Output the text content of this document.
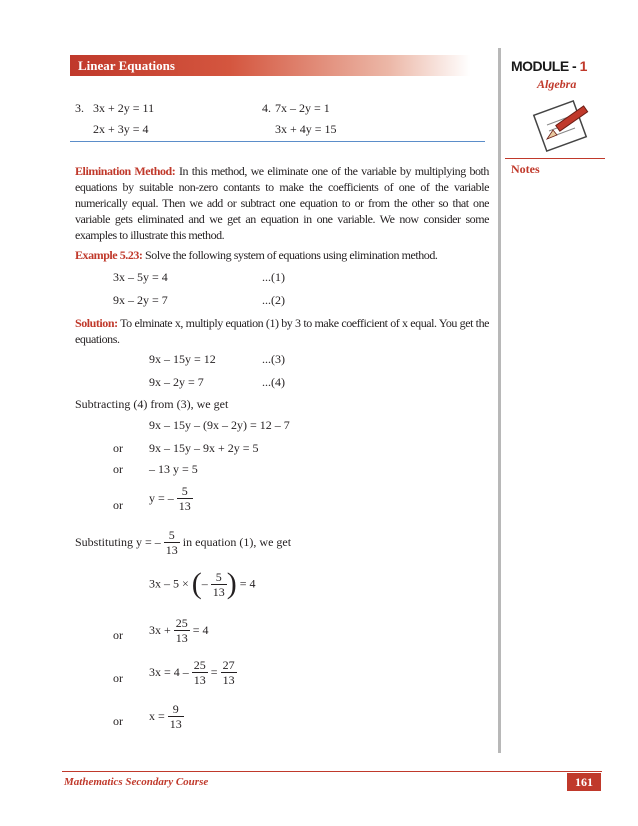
Linear Equations	MODULE - 1
Algebra
Notes
3. 3x + 2y = 11
2x + 3y = 4
4. 7x – 2y = 1
3x + 4y = 15
Elimination Method: In this method, we eliminate one of the variable by multiplying both equations by suitable non-zero contants to make the coefficients of one of the variable numerically equal. Then we add or subtract one equation to or from the other so that one variable gets eliminated and we get an equation in one variable. We now consider some examples to illustrate this method.
Example 5.23: Solve the following system of equations using elimination method.
3x – 5y = 4	...(1)
9x – 2y = 7	...(2)
Solution: To elminate x, multiply equation (1) by 3 to make coefficient of x equal. You get the equations.
9x – 15y = 12	...(3)
9x – 2y = 7	...(4)
Subtracting (4) from (3), we get
9x – 15y – (9x – 2y) = 12 – 7
or 9x – 15y – 9x + 2y = 5
or – 13 y = 5
or y = – $\frac{5}{13}$
Substituting y = – $\frac{5}{13}$ in equation (1), we get
3x – 5 × (– $\frac{5}{13}$ ) = 4
or $3x + \frac{25}{13} = 4$
or $3x = 4 - \frac{25}{13} = \frac{27}{13}$
or $x = \frac{9}{13}$
Mathematics Secondary Course	161
